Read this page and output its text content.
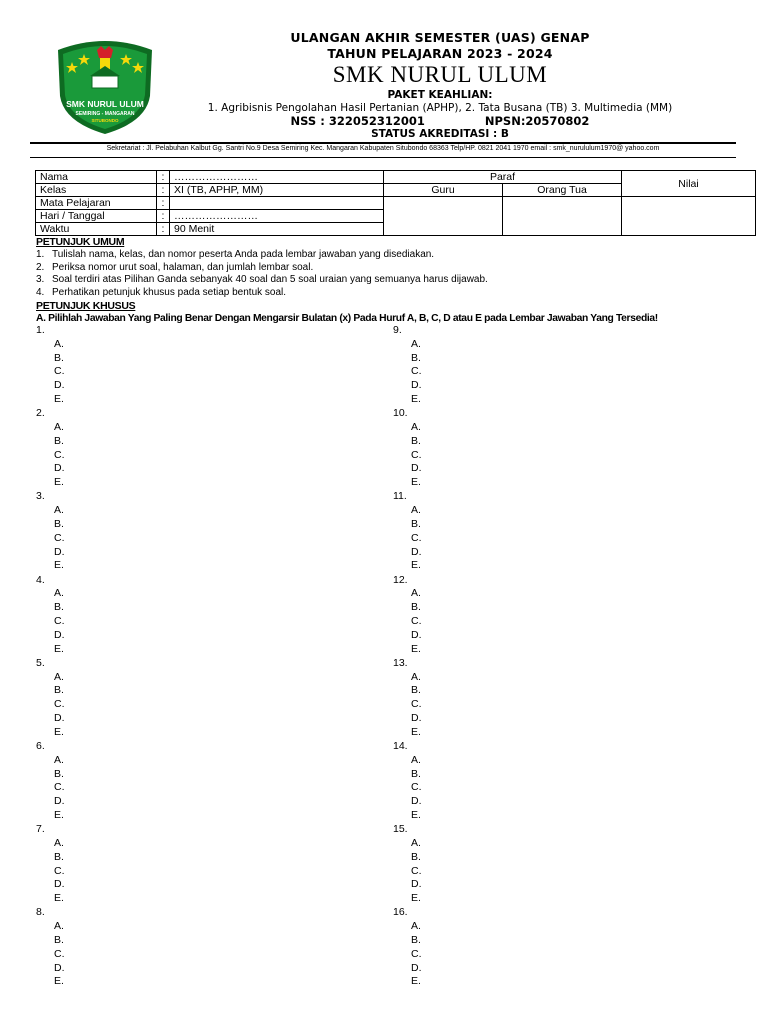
SMK NURUL ULUM
SEMIRING - MANGARAN
SITUBONDO
ULANGAN AKHIR SEMESTER (UAS) GENAP
TAHUN PELAJARAN 2023 - 2024
SMK NURUL ULUM
PAKET KEAHLIAN:
1. Agribisnis Pengolahan Hasil Pertanian (APHP), 2. Tata Busana (TB) 3. Multimedia (MM)
NSS : 322052312001	NPSN:20570802
STATUS AKREDITASI : B
Sekretariat : Jl. Pelabuhan Kalbut Gg. Santri No.9 Desa Semiring Kec. Mangaran Kabupaten Situbondo 68363 Telp/HP. 0821 2041 1970 email : smk_nurululum1970@ yahoo.com
Nama	:	……………………	Paraf		Nilai
Kelas	:	XI (TB, APHP, MM)	Guru	Orang Tua	
Mata Pelajaran	:				
Hari / Tanggal	:	……………………			
Waktu	:	90 Menit			
PETUNJUK UMUM
1. Tulislah nama, kelas, dan nomor peserta Anda pada lembar jawaban yang disediakan.
2. Periksa nomor urut soal, halaman, dan jumlah lembar soal.
3. Soal terdiri atas Pilihan Ganda sebanyak 40 soal dan 5 soal uraian yang semuanya harus dijawab.
4. Perhatikan petunjuk khusus pada setiap bentuk soal.
PETUNJUK KHUSUS
A. Pilihlah Jawaban Yang Paling Benar Dengan Mengarsir Bulatan (x) Pada Huruf A, B, C, D atau E pada Lembar Jawaban Yang Tersedia!
1.
A.
B.
C.
D.
E.
2.
A.
B.
C.
D.
E.
3.
A.
B.
C.
D.
E.
4.
A.
B.
C.
D.
E.
5.
A.
B.
C.
D.
E.
6.
A.
B.
C.
D.
E.
7.
A.
B.
C.
D.
E.
8.
A.
B.
C.
D.
E.
9.
A.
B.
C.
D.
E.
10.
A.
B.
C.
D.
E.
11.
A.
B.
C.
D.
E.
12.
A.
B.
C.
D.
E.
13.
A.
B.
C.
D.
E.
14.
A.
B.
C.
D.
E.
15.
A.
B.
C.
D.
E.
16.
A.
B.
C.
D.
E.
